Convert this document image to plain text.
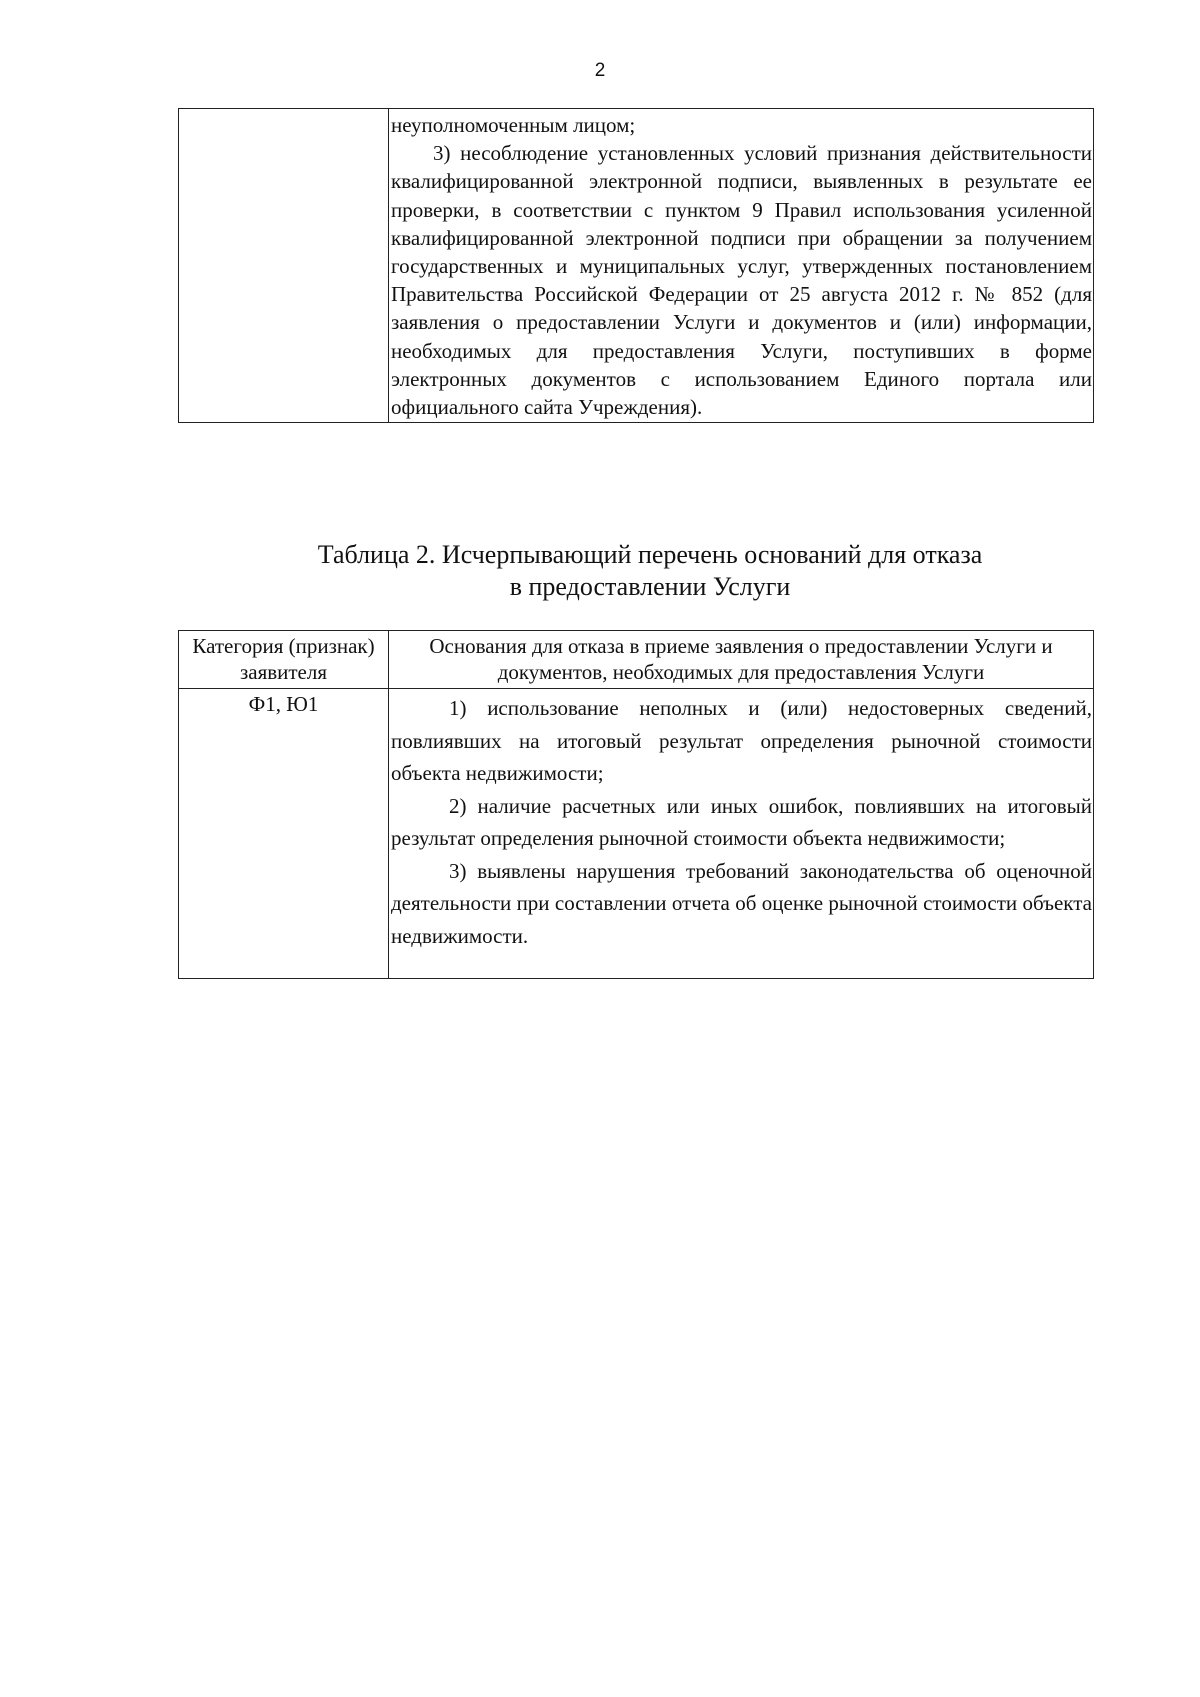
2

неуполномоченным лицом;

3) несоблюдение установленных условий признания действительности квалифицированной электронной подписи, выявленных в результате ее проверки, в соответствии с пунктом 9 Правил использования усиленной квалифицированной электронной подписи при обращении за получением государственных и муниципальных услуг, утвержденных постановлением Правительства Российской Федерации от 25 августа 2012 г. № 852 (для заявления о предоставлении Услуги и документов и (или) информации, необходимых для предоставления Услуги, поступивших в форме электронных документов с использованием Единого портала или официального сайта Учреждения).

Таблица 2. Исчерпывающий перечень оснований для отказа
в предоставлении Услуги
Категория (признак) заявителя	Основания для отказа в приеме заявления о предоставлении Услуги и документов, необходимых для предоставления Услуги
Ф1, Ю1	1) использование неполных и (или) недостоверных сведений, повлиявших на итоговый результат определения рыночной стоимости объекта недвижимости;

2) наличие расчетных или иных ошибок, повлиявших на итоговый результат определения рыночной стоимости объекта недвижимости;

3) выявлены нарушения требований законодательства об оценочной деятельности при составлении отчета об оценке рыночной стоимости объекта недвижимости.
